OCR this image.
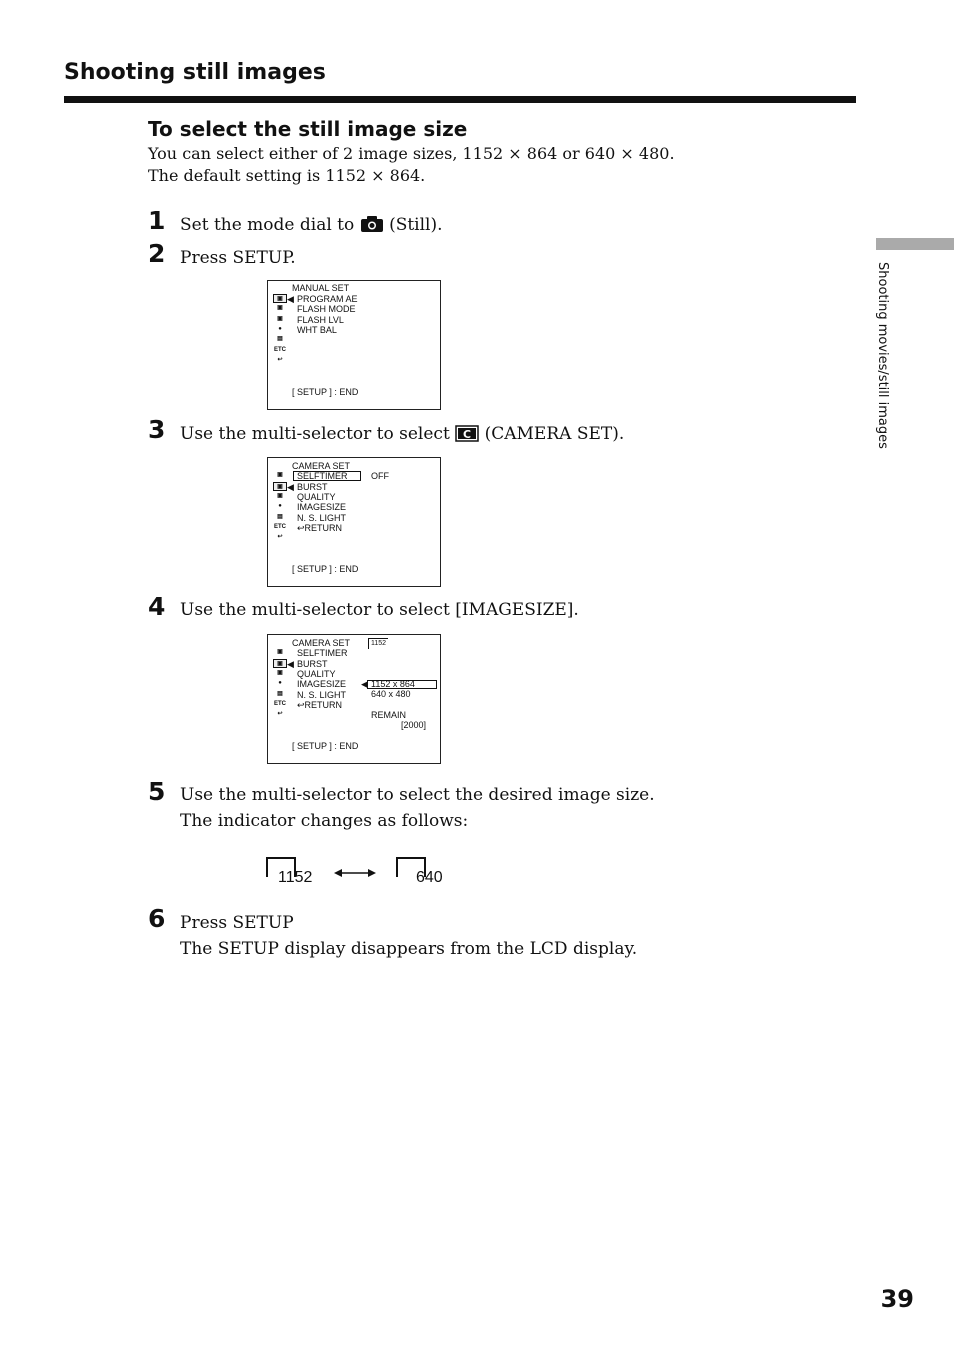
Shooting still images
To select the still image size
You can select either of 2 image sizes, 1152 × 864 or 640 × 480.
The default setting is 1152 × 864.
1 Set the mode dial to (Still).
2 Press SETUP.
MANUAL SET
▣ ◀
▣
▣
●
▤
ETC
↩
PROGRAM AE
FLASH MODE
FLASH LVL
WHT BAL
[ SETUP ] : END
3 Use the multi-selector to select C (CAMERA SET).
CAMERA SET
▣
▣ ◀
▣
●
▤
ETC
↩
SELFTIMER	OFF
BURST
QUALITY
IMAGESIZE
N. S. LIGHT
↩RETURN
[ SETUP ] : END
4 Use the multi-selector to select [IMAGESIZE].
CAMERA SET	1152
▣
▣ ◀
▣
●
▤
ETC
↩
SELFTIMER
BURST
QUALITY
IMAGESIZE
N. S. LIGHT
↩RETURN
◀ 1152 x 864
640 x 480
REMAIN
[2000]
[ SETUP ] : END
5 Use the multi-selector to select the desired image size.
The indicator changes as follows:
1152	640
6 Press SETUP
The SETUP display disappears from the LCD display.
Shooting movies/still images
39
